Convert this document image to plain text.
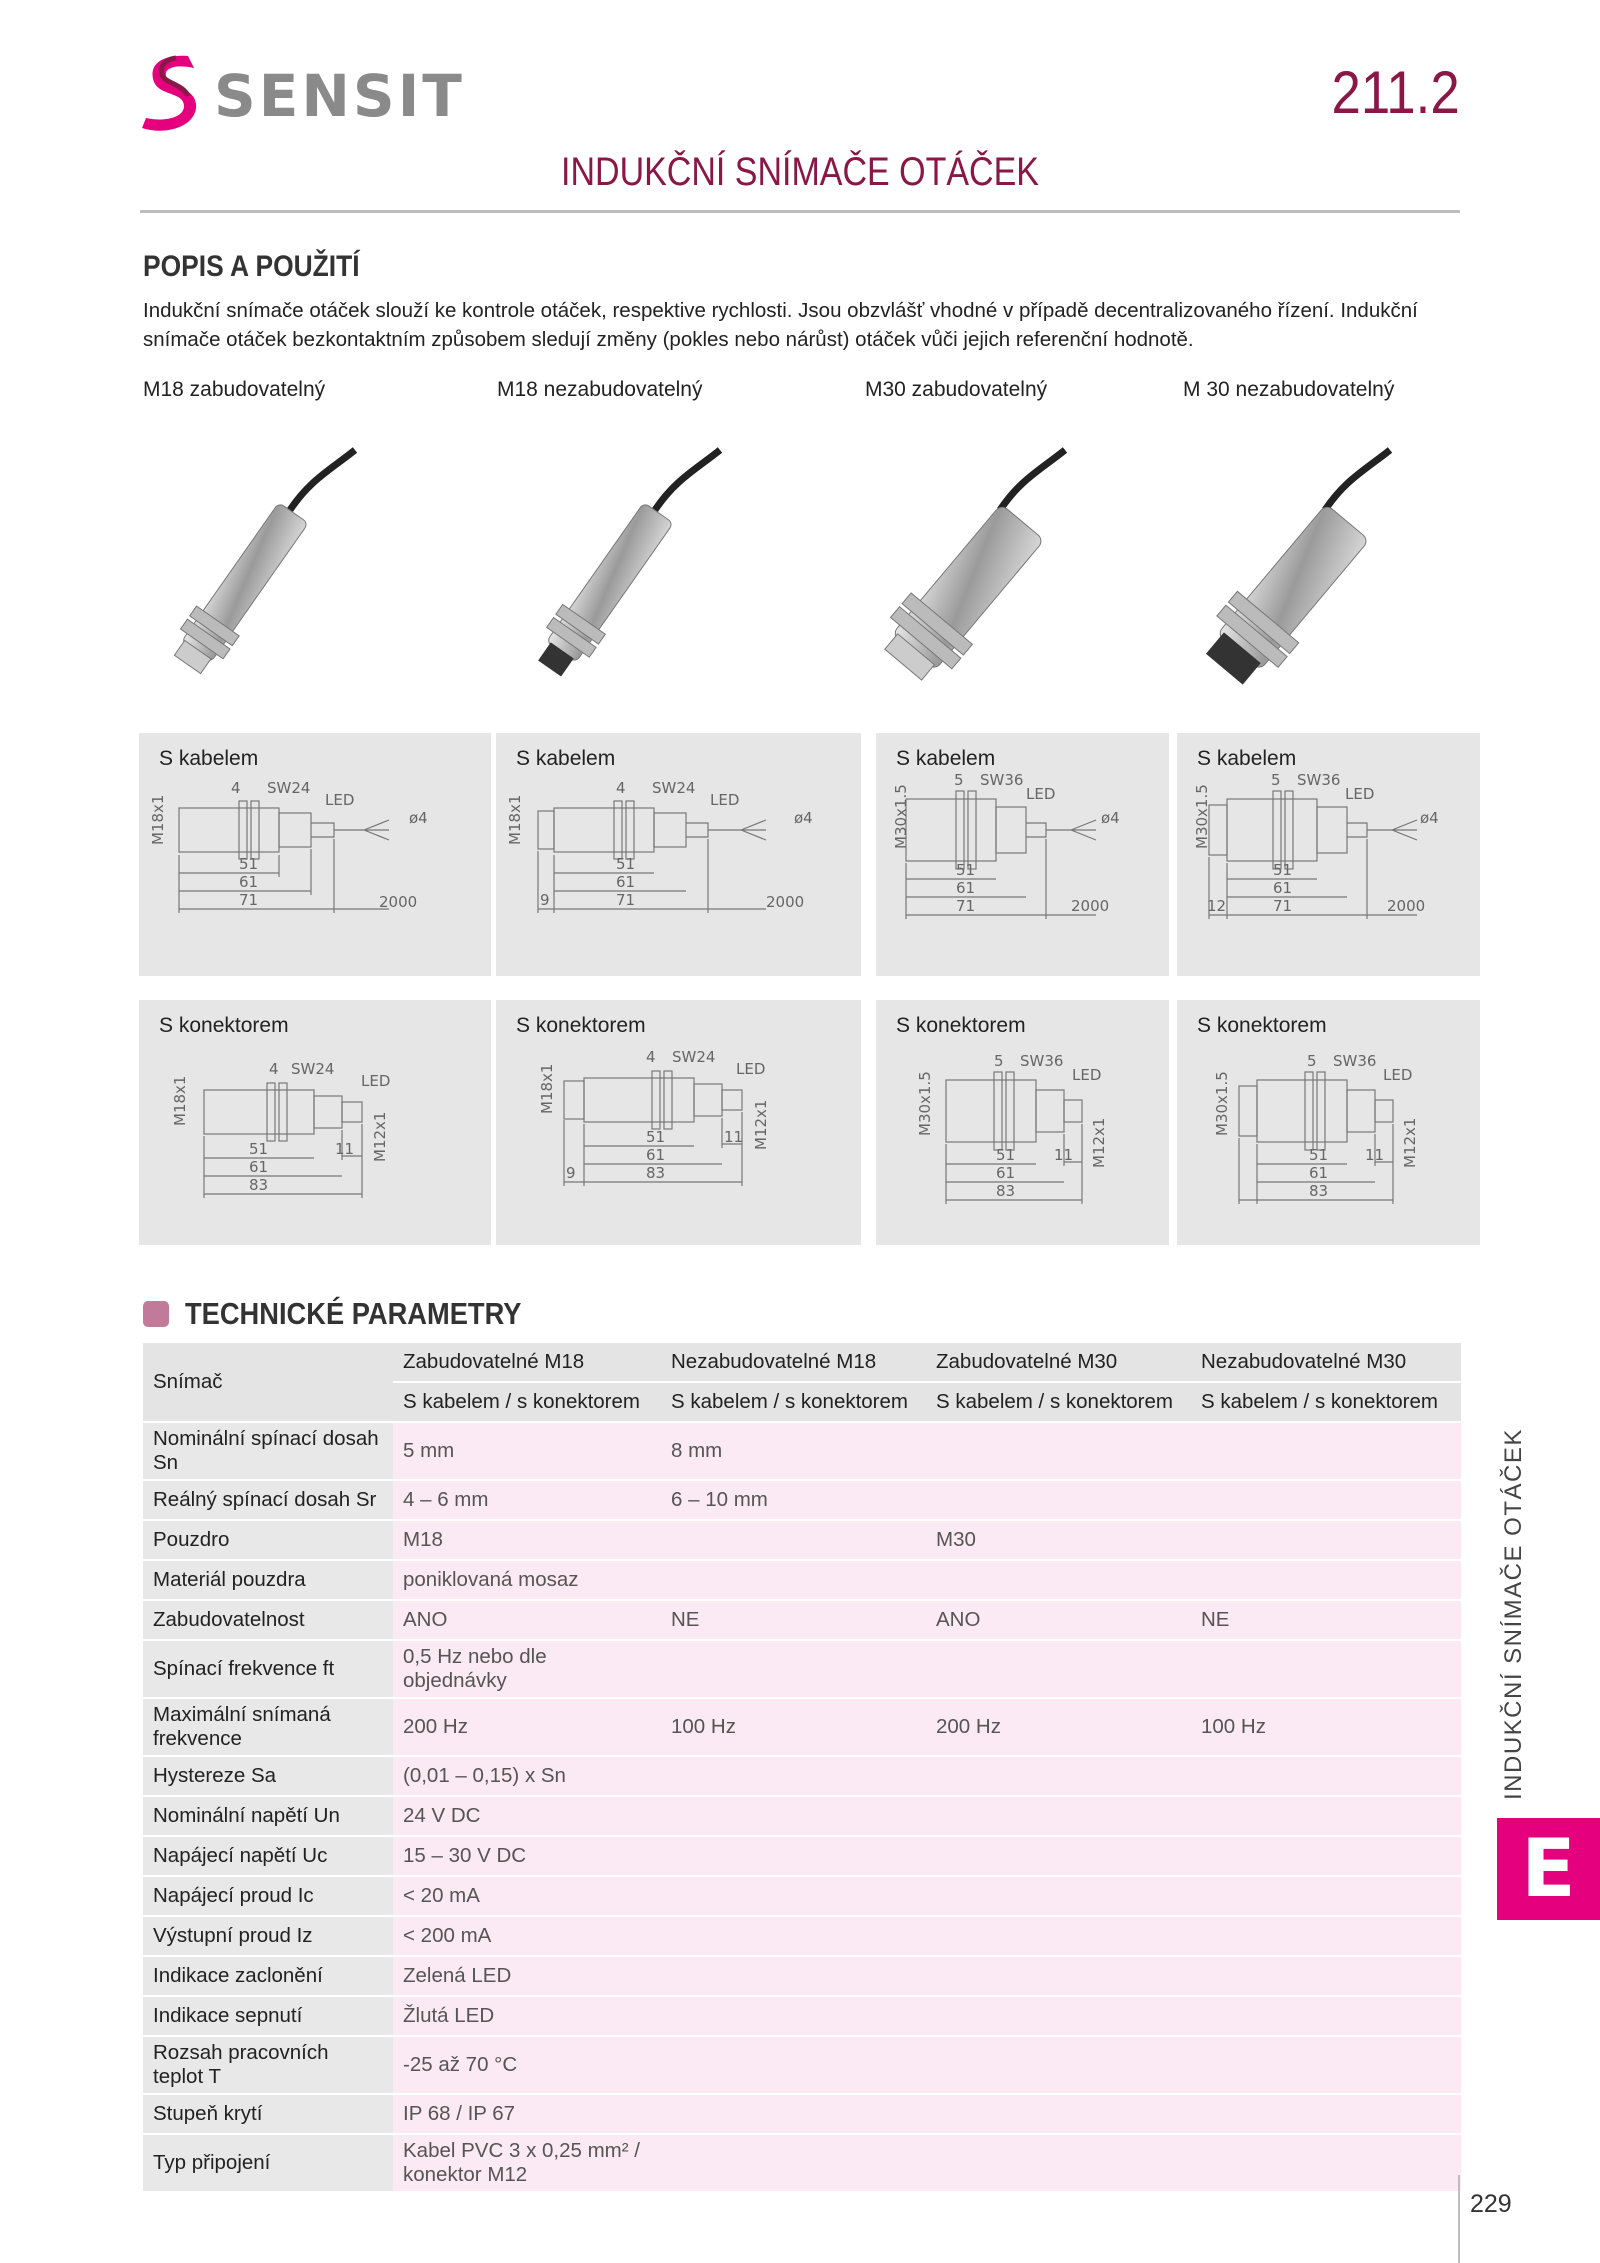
SENSIT	211.2
INDUKČNÍ SNÍMAČE OTÁČEK
POPIS A POUŽITÍ
Indukční snímače otáček slouží ke kontrole otáček, respektive rychlosti. Jsou obzvlášť vhodné v případě decentralizovaného řízení. Indukční snímače otáček bezkontaktním způsobem sledují změny (pokles nebo nárůst) otáček vůči jejich referenční hodnotě.
M18 zabudovatelný	M18 nezabudovatelný	M30 zabudovatelný	M 30 nezabudovatelný
S kabelem
M18x1
4 SW24
LED
ø4
51
61
71	2000
S kabelem
M18x1
4 SW24
LED
ø4
51
61
71
9	2000
S kabelem
M30x1.5
5 SW36
LED
ø4
51
61
71	2000
S kabelem
M30x1.5
5 SW36
LED
ø4
51
61
71
12	2000
S konektorem
M18x1
4 SW24
LED
51
61
83
11 M12x1
S konektorem
M18x1
4 SW24
LED
51
61
83
9
11 M12x1
S konektorem
M30x1.5
5 SW36
LED
51
61
83
11 M12x1
S konektorem
M30x1.5
5 SW36
LED
51
61
83
11 M12x1
TECHNICKÉ PARAMETRY
Snímač	Zabudovatelné M18	Nezabudovatelné M18	Zabudovatelné M30	Nezabudovatelné M30
	S kabelem / s konektorem	S kabelem / s konektorem	S kabelem / s konektorem	S kabelem / s konektorem
Nominální spínací dosah Sn	5 mm	8 mm		
Reálný spínací dosah Sr	4 – 6 mm	6 – 10 mm		
Pouzdro	M18		M30	
Materiál pouzdra	poniklovaná mosaz			
Zabudovatelnost	ANO	NE	ANO	NE
Spínací frekvence ft	0,5 Hz nebo dle objednávky			
Maximální snímaná frekvence	200 Hz	100 Hz	200 Hz	100 Hz
Hystereze Sa	(0,01 – 0,15) x Sn			
Nominální napětí Un	24 V DC			
Napájecí napětí Uc	15 – 30 V DC			
Napájecí proud Ic	< 20 mA			
Výstupní proud Iz	< 200 mA			
Indikace zaclonění	Zelená LED			
Indikace sepnutí	Žlutá LED			
Rozsah pracovních teplot T	-25 až 70 °C			
Stupeň krytí	IP 68 / IP 67			
Typ připojení	Kabel PVC 3 x 0,25 mm² / konektor M12			
INDUKČNÍ SNÍMAČE OTÁČEK
E
229
